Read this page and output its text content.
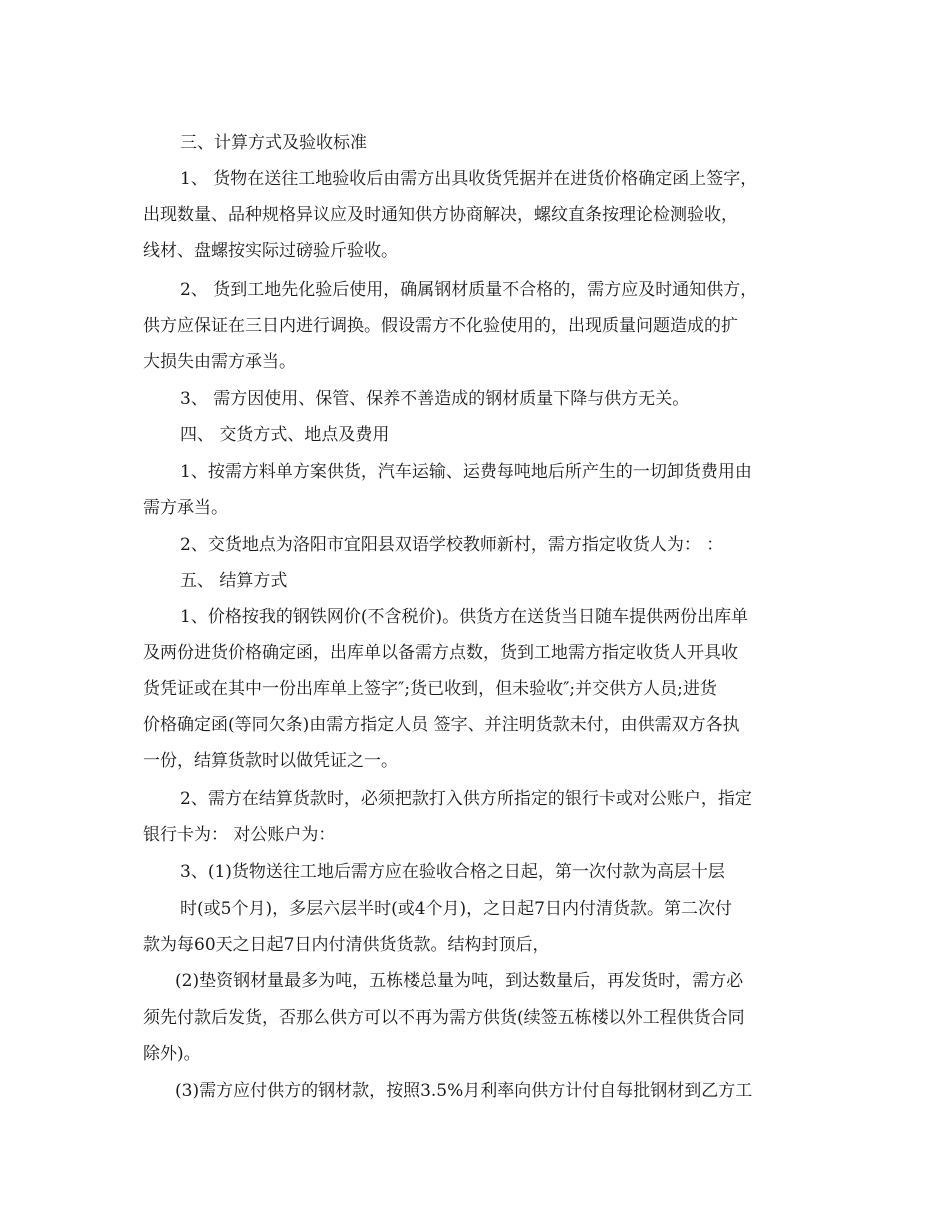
三、计算方式及验收标准

1、 货物在送往工地验收后由需方出具收货凭据并在进货价格确定函上签字，

出现数量、品种规格异议应及时通知供方协商解决，螺纹直条按理论检测验收，

线材、盘螺按实际过磅验斤验收。

2、 货到工地先化验后使用，确属钢材质量不合格的，需方应及时通知供方，

供方应保证在三日内进行调换。假设需方不化验使用的，出现质量问题造成的扩

大损失由需方承当。

3、 需方因使用、保管、保养不善造成的钢材质量下降与供方无关。

四、 交货方式、地点及费用

1、按需方料单方案供货，汽车运输、运费每吨地后所产生的一切卸货费用由

需方承当。

2、交货地点为洛阳市宜阳县双语学校教师新村，需方指定收货人为： ：

五、 结算方式

1、价格按我的钢铁网价(不含税价)。供货方在送货当日随车提供两份出库单

及两份进货价格确定函，出库单以备需方点数，货到工地需方指定收货人开具收

货凭证或在其中一份出库单上签字″;货已收到，但未验收″;并交供方人员;进货

价格确定函(等同欠条)由需方指定人员 签字、并注明货款未付，由供需双方各执

一份，结算货款时以做凭证之一。

2、需方在结算货款时，必须把款打入供方所指定的银行卡或对公账户，指定

银行卡为： 对公账户为：

3、(1)货物送往工地后需方应在验收合格之日起，第一次付款为高层十层

时(或5个月)，多层六层半时(或4个月)，之日起7日内付清货款。第二次付

款为每60天之日起7日内付清供货货款。结构封顶后，

(2)垫资钢材量最多为吨，五栋楼总量为吨，到达数量后，再发货时，需方必

须先付款后发货，否那么供方可以不再为需方供货(续签五栋楼以外工程供货合同

除外)。

(3)需方应付供方的钢材款，按照3.5%月利率向供方计付自每批钢材到乙方工
